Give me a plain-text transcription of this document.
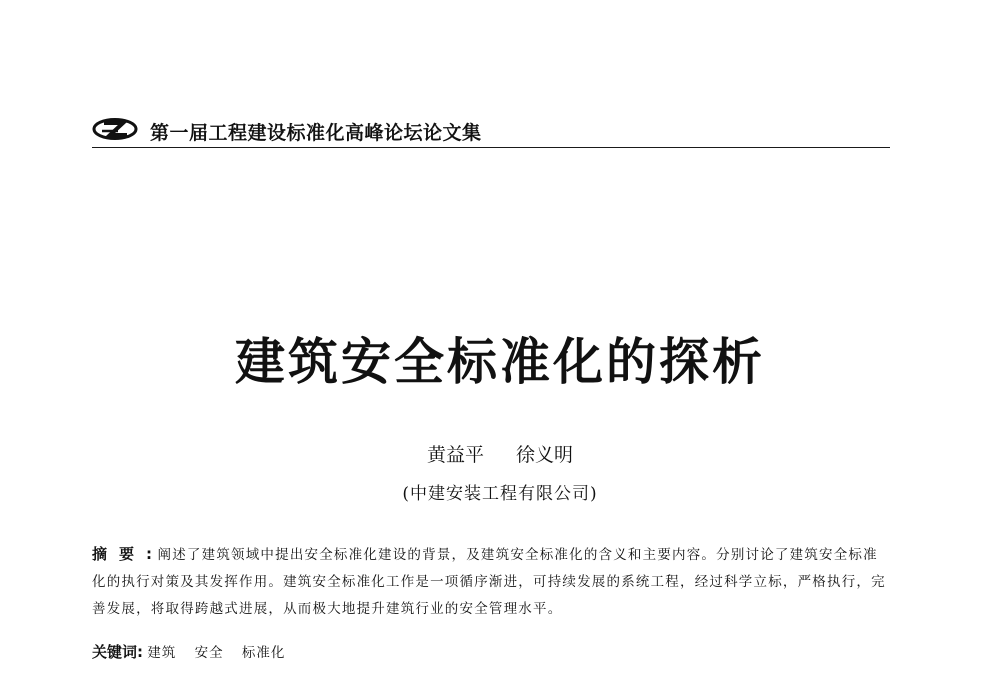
第一届工程建设标准化高峰论坛论文集
建筑安全标准化的探析
黄益平 徐义明
(中建安装工程有限公司)
摘要: 阐述了建筑领域中提出安全标准化建设的背景，及建筑安全标准化的含义和主要内容。分别讨论了建筑安全标准化的执行对策及其发挥作用。建筑安全标准化工作是一项循序渐进，可持续发展的系统工程，经过科学立标，严格执行，完善发展，将取得跨越式进展，从而极大地提升建筑行业的安全管理水平。
关键词: 建筑 安全 标准化
